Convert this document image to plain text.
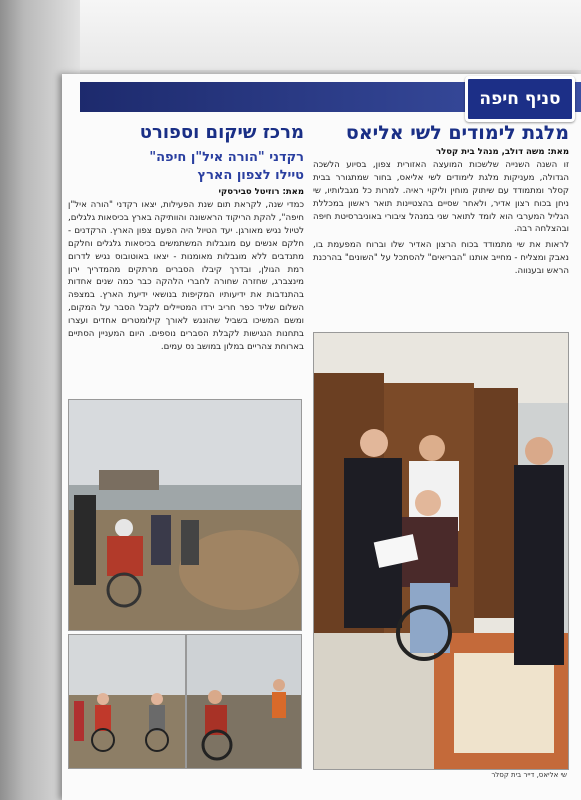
סניף חיפה
מלגת לימודים לשי אליאס
מאת: משה דולב, מנהל בית קסלר

זו השנה השנייה שלשכות המועצה האזורית צפון, בסיוע הלשכה הגדולה, מעניקות מלגת לימודים לשי אליאס, בחור שמתגורר בבית קסלר ומתמודד עם שיתוק מוחין וליקוי ראיה. למרות כל מגבלותיו, שי ניחן בכוח רצון אדיר, ולאחר שסיים בהצטיינות תואר ראשון במכללת הגליל המערבי הוא לומד לתואר שני במנהל ציבורי באוניברסיטת חיפה ובהצלחה רבה.

לראות את שי מתמודד בכוח הרצון האדיר שלו וברוח המפעמת בו, נאבק ומצליח - מחייב אותנו "הבריאים" להסתכל על "השונים" בהרכנת הראש ובענווה.

מרכז שיקום וספורט
רקדני "הורה איל"ן חיפה"
טיילו לצפון הארץ
מאת: רוזיטל סבירסקי

כמדי שנה, לקראת תום שנת הפעילות, יצאו רקדני "הורה איל"ן חיפה", להקת הריקוד הראשונה והוותיקה בארץ בכיסאות גלגלים, לטיול נגיש מאורגן. יעד הטיול היה הפעם צפון הארץ. הרקדנים - חלקם אנשים עם מוגבלות המשתמשים בכיסאות גלגלים וחלקם מתנדבים ללא מוגבלות מאומנות - יצאו באוטובוס נגיש לדרום רמת הגולן, ובדרך קיבלו הסברים מרתקים מהמדריך ירון מינצברג, שחזרה שחורה לחברי הלהקה כבר כמה שנים אחדות בהתנדבות את ידיעותיו המקיפות בנושאי ידיעת הארץ. במצפה השלום שליד כפר חריב ירדו המטיילים לקבל הסבר על המקום, ומשם המשיכו בשביל שהונגש לאורך קילומטרים אחדים ועצרו בתחנות הנגישות לקבלת הסברים נוספים. היום המעניין הסתיים בארוחת צהריים במלון במושב נס עמים.

שי אליאס, דייר בית קסלר
